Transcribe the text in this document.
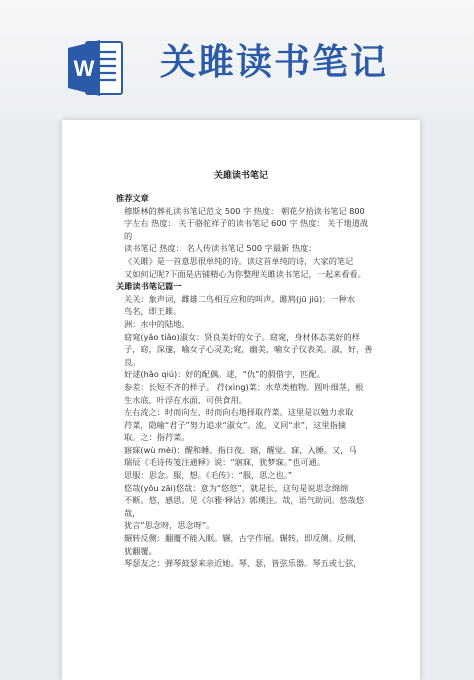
W 关雎读书笔记
关雎读书笔记
推荐文章
穆斯林的葬礼读书笔记范文 500 字 热度： 朝花夕拾读书笔记 800
字左右 热度： 关于骆驼祥子的读书笔记 600 字 热度： 关于地道战的
读书笔记 热度： 名人传读书笔记 500 字最新 热度：
《关雎》是一首意思很单纯的诗。读这首单纯的诗，大家的笔记
又如何记呢?下面是店铺精心为你整理关雎读书笔记，一起来看看。
关雎读书笔记篇一
关关：象声词，雌雄二鸟相互应和的叫声。雎鸠(jū jiū)：一种水
鸟名，即王雎。
洲：水中的陆地。
窈窕(yǎo tiǎo)淑女：贤良美好的女子。窈窕，身材体态美好的样
子，窈，深邃，喻女子心灵美;窕，幽美，喻女子仪表美。淑，好，善
良。
好逑(hǎo qiú)：好的配偶。逑，“仇”的假借字，匹配。
参差：长短不齐的样子。 荇(xìng)菜：水草类植物。圆叶细茎，根
生水底，叶浮在水面，可供食用。
左右流之：时而向左、时而向右地择取荇菜。这里是以勉力求取
荇菜，隐喻“君子”努力追求“淑女”。流，义同“求”，这里指摘
取。之：指荇菜。
寤寐(wù mèi)：醒和睡。指日夜。寤，醒觉。寐，入睡。又，马
瑞辰《毛诗传笺注通释》说：“寤寐，犹梦寐。”也可通。
思服：思念。服，想。《毛传》：“服，思之也。”
悠哉(yōu zāi)悠哉：意为“悠悠”，就是长，这句是说思念绵绵
不断。悠，感思。见《尔雅·释诂》郭璞注。哉，语气助词。悠哉悠哉，
犹言“思念呀，思念呀”。
辗转反侧：翻覆不能入眠。辗，古字作展。辗转，即反侧。反侧，
犹翻覆。
琴瑟友之：弹琴鼓瑟来亲近她。琴、瑟，皆弦乐器。琴五或七弦，
